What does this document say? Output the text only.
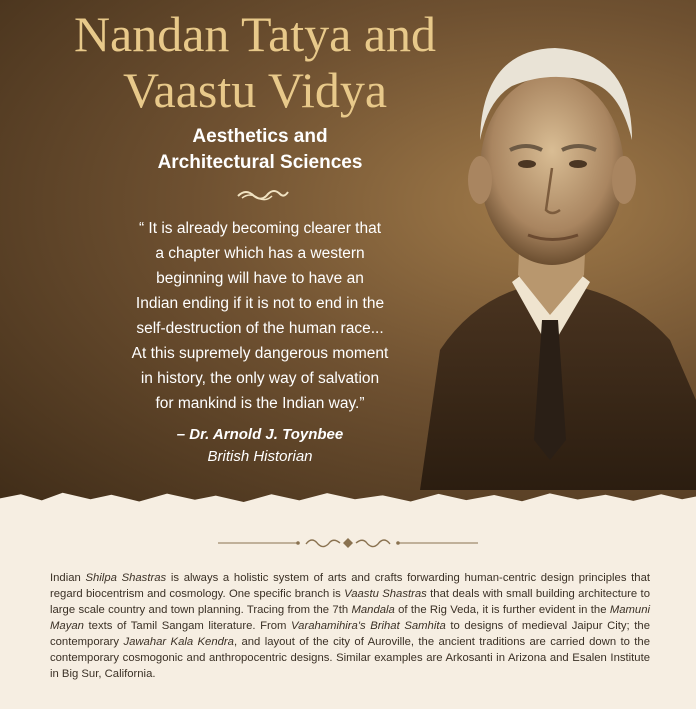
Nandan Tatya and
Vaastu Vidya
Aesthetics and
Architectural Sciences
“ It is already becoming clearer that
a chapter which has a western
beginning will have to have an
Indian ending if it is not to end in the
self-destruction of the human race...
At this supremely dangerous moment
in history, the only way of salvation
for mankind is the Indian way.”
– Dr. Arnold J. Toynbee
British Historian
Indian Shilpa Shastras is always a holistic system of arts and crafts forwarding human-centric design principles that regard biocentrism and cosmology. One specific branch is Vaastu Shastras that deals with small building architecture to large scale country and town planning. Tracing from the 7th Mandala of the Rig Veda, it is further evident in the Mamuni Mayan texts of Tamil Sangam literature. From Varahamihira's Brihat Samhita to designs of medieval Jaipur City; the contemporary Jawahar Kala Kendra, and layout of the city of Auroville, the ancient traditions are carried down to the contemporary cosmogonic and anthropocentric designs. Similar examples are Arkosanti in Arizona and Esalen Institute in Big Sur, California.
